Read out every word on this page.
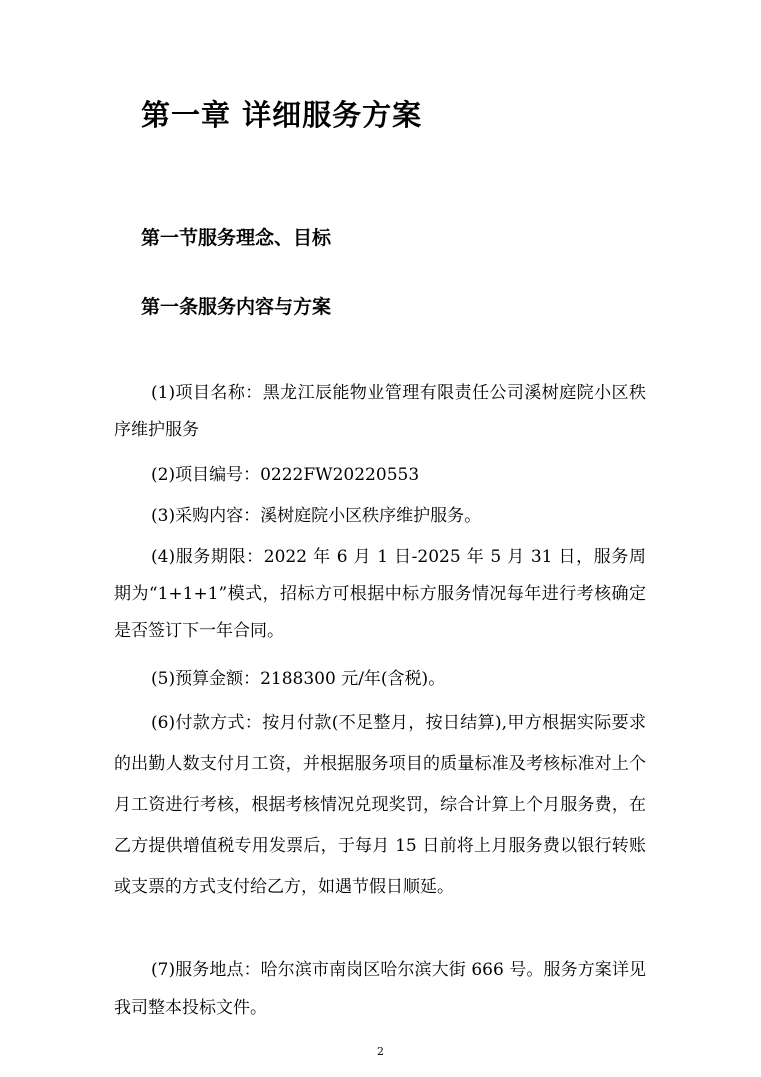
第一章 详细服务方案
第一节服务理念、目标
第一条服务内容与方案

(1)项目名称：黑龙江辰能物业管理有限责任公司溪树庭院小区秩序维护服务

(2)项目编号：0222FW20220553

(3)采购内容：溪树庭院小区秩序维护服务。

(4)服务期限：2022 年 6 月 1 日-2025 年 5 月 31 日，服务周期为“1+1+1”模式，招标方可根据中标方服务情况每年进行考核确定是否签订下一年合同。

(5)预算金额：2188300 元/年(含税)。

(6)付款方式：按月付款(不足整月，按日结算),甲方根据实际要求的出勤人数支付月工资，并根据服务项目的质量标准及考核标准对上个月工资进行考核，根据考核情况兑现奖罚，综合计算上个月服务费，在乙方提供增值税专用发票后，于每月 15 日前将上月服务费以银行转账或支票的方式支付给乙方，如遇节假日顺延。

(7)服务地点：哈尔滨市南岗区哈尔滨大街 666 号。服务方案详见我司整本投标文件。

2
